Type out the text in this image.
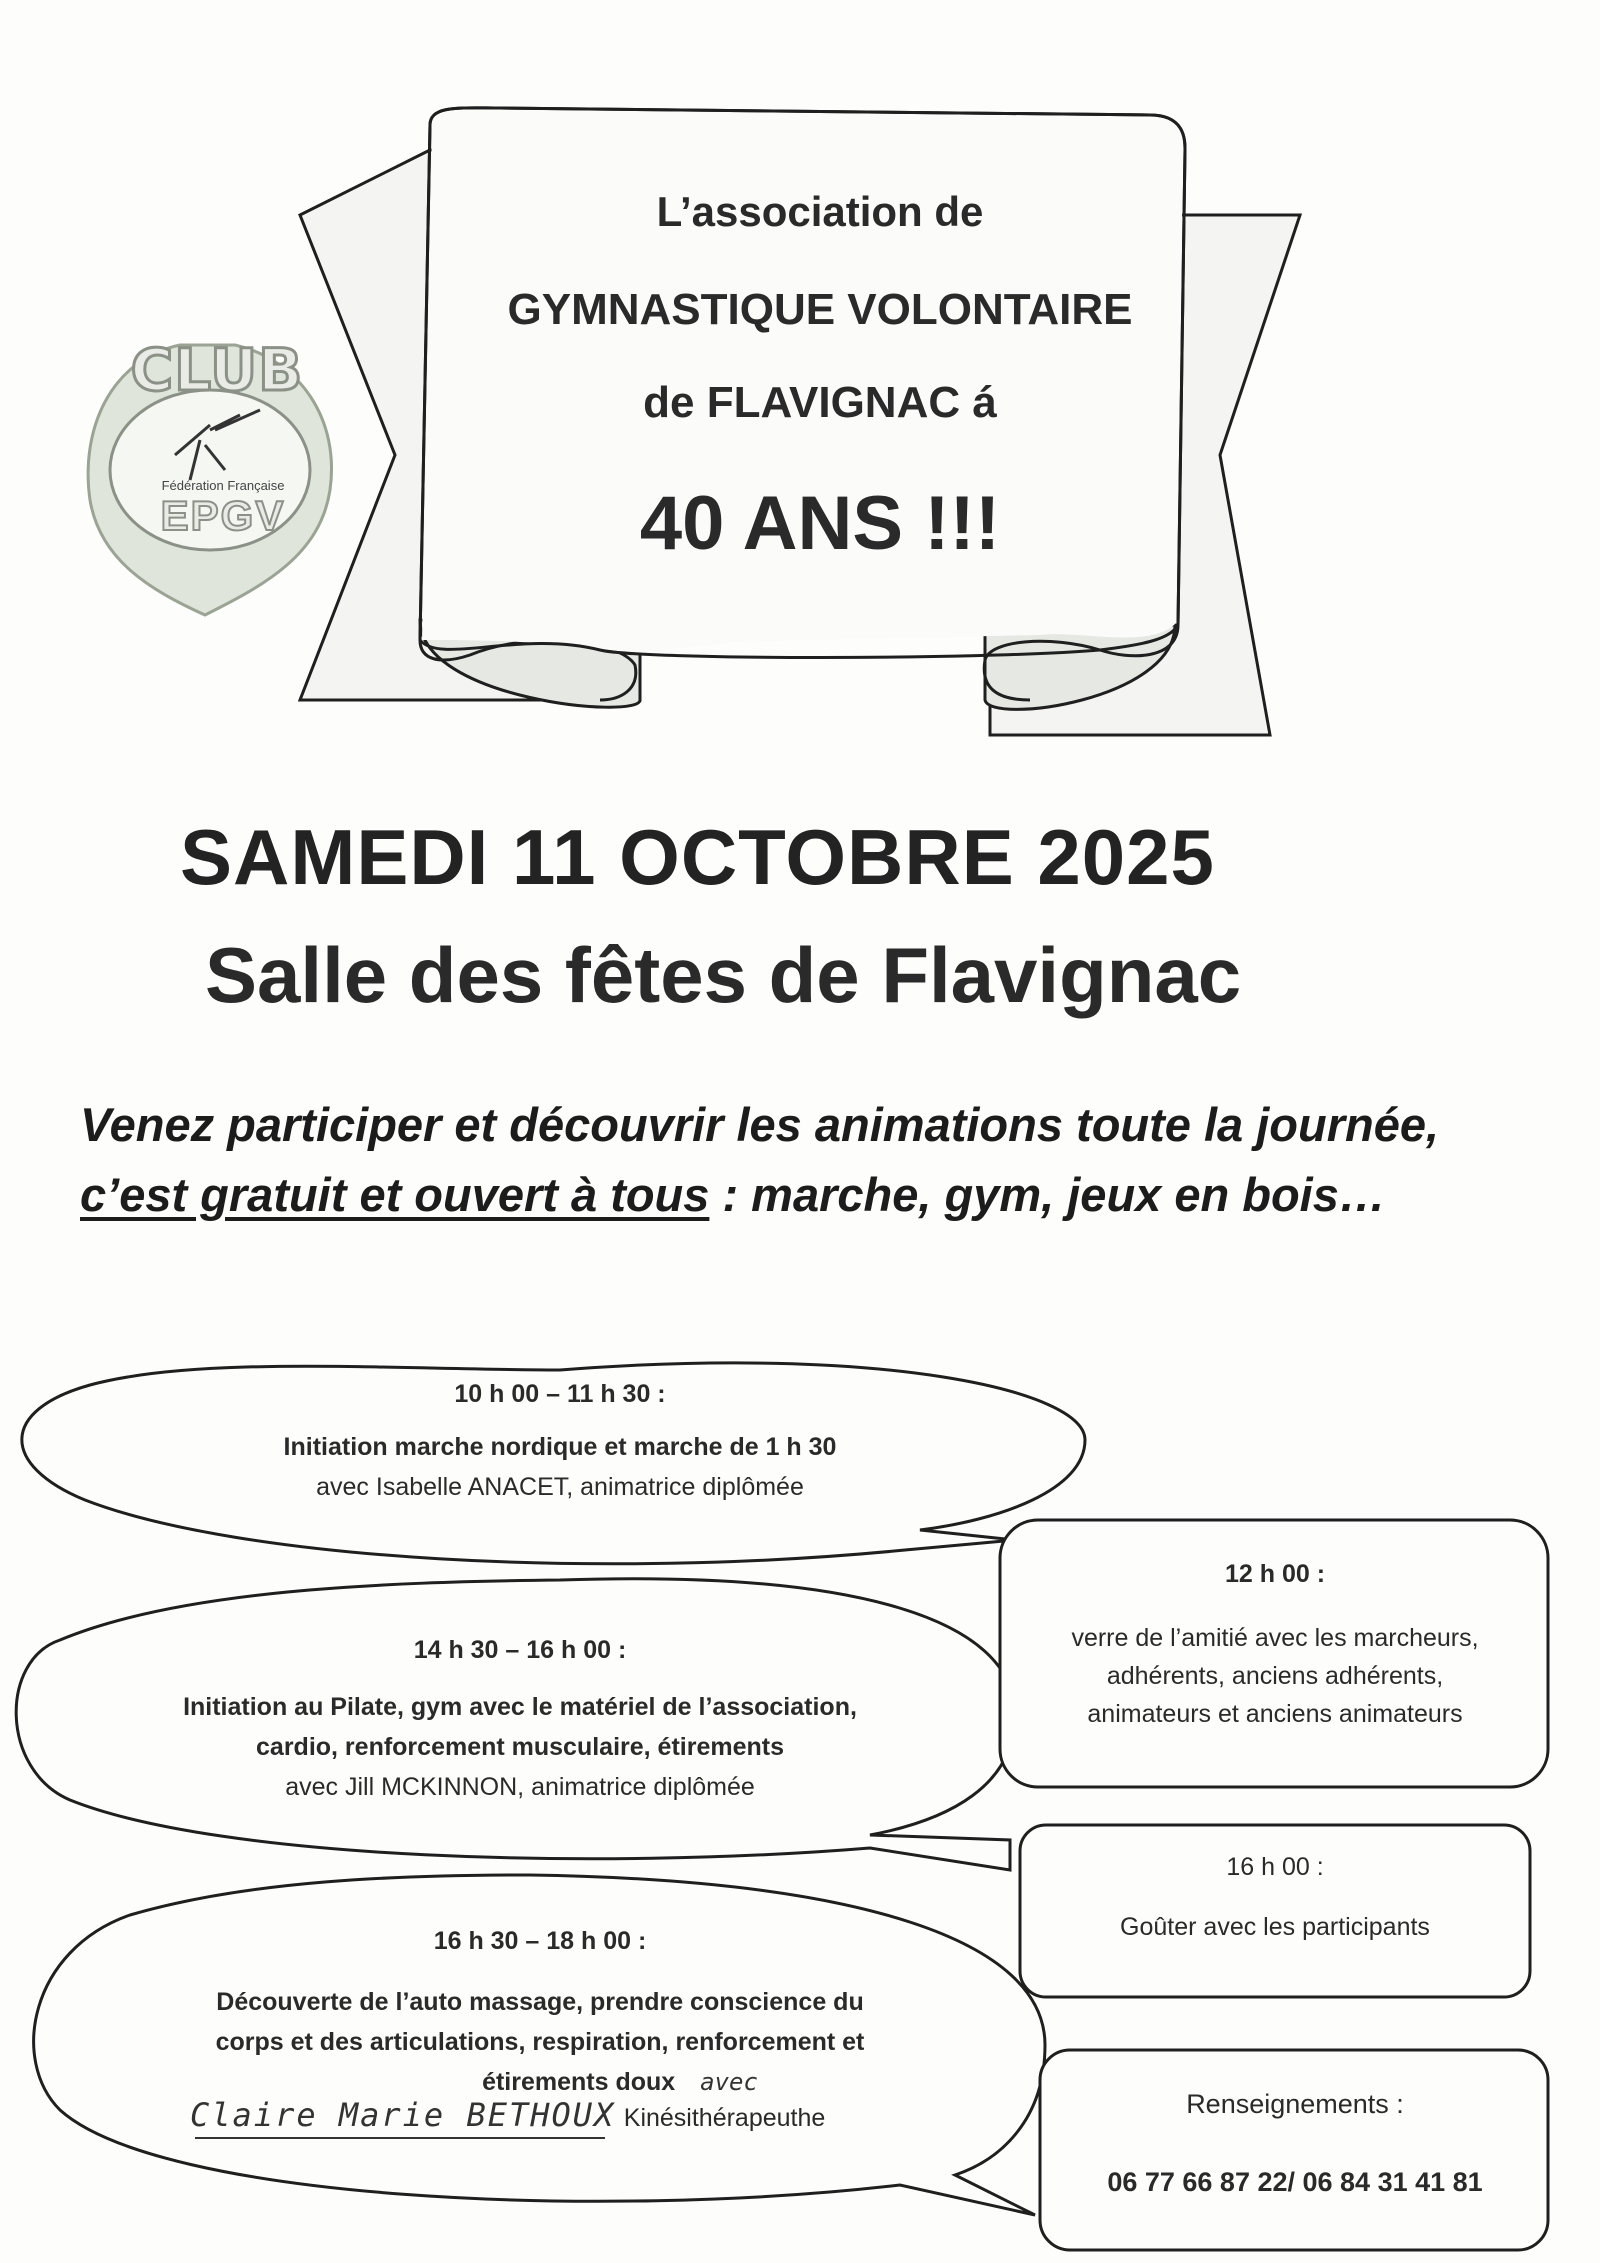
L’association de
GYMNASTIQUE VOLONTAIRE
de FLAVIGNAC á
40 ANS !!!
CLUB
Fédération Française
EPGV
SAMEDI 11 OCTOBRE 2025
Salle des fêtes de Flavignac
Venez participer et découvrir les animations toute la journée, c’est gratuit et ouvert à tous : marche, gym, jeux en bois…
10 h 00 – 11 h 30 :
Initiation marche nordique et marche de 1 h 30
avec Isabelle ANACET, animatrice diplômée
14 h 30 – 16 h 00 :
Initiation au Pilate, gym avec le matériel de l’association,
cardio, renforcement musculaire, étirements
avec Jill MCKINNON, animatrice diplômée
16 h 30 – 18 h 00 :
Découverte de l’auto massage, prendre conscience du
corps et des articulations, respiration, renforcement et
étirements doux avec
Claire Marie BETHOUX Kinésithérapeuthe
12 h 00 :
verre de l’amitié avec les marcheurs,
adhérents, anciens adhérents,
animateurs et anciens animateurs
16 h 00 :
Goûter avec les participants
Renseignements :
06 77 66 87 22/ 06 84 31 41 81
